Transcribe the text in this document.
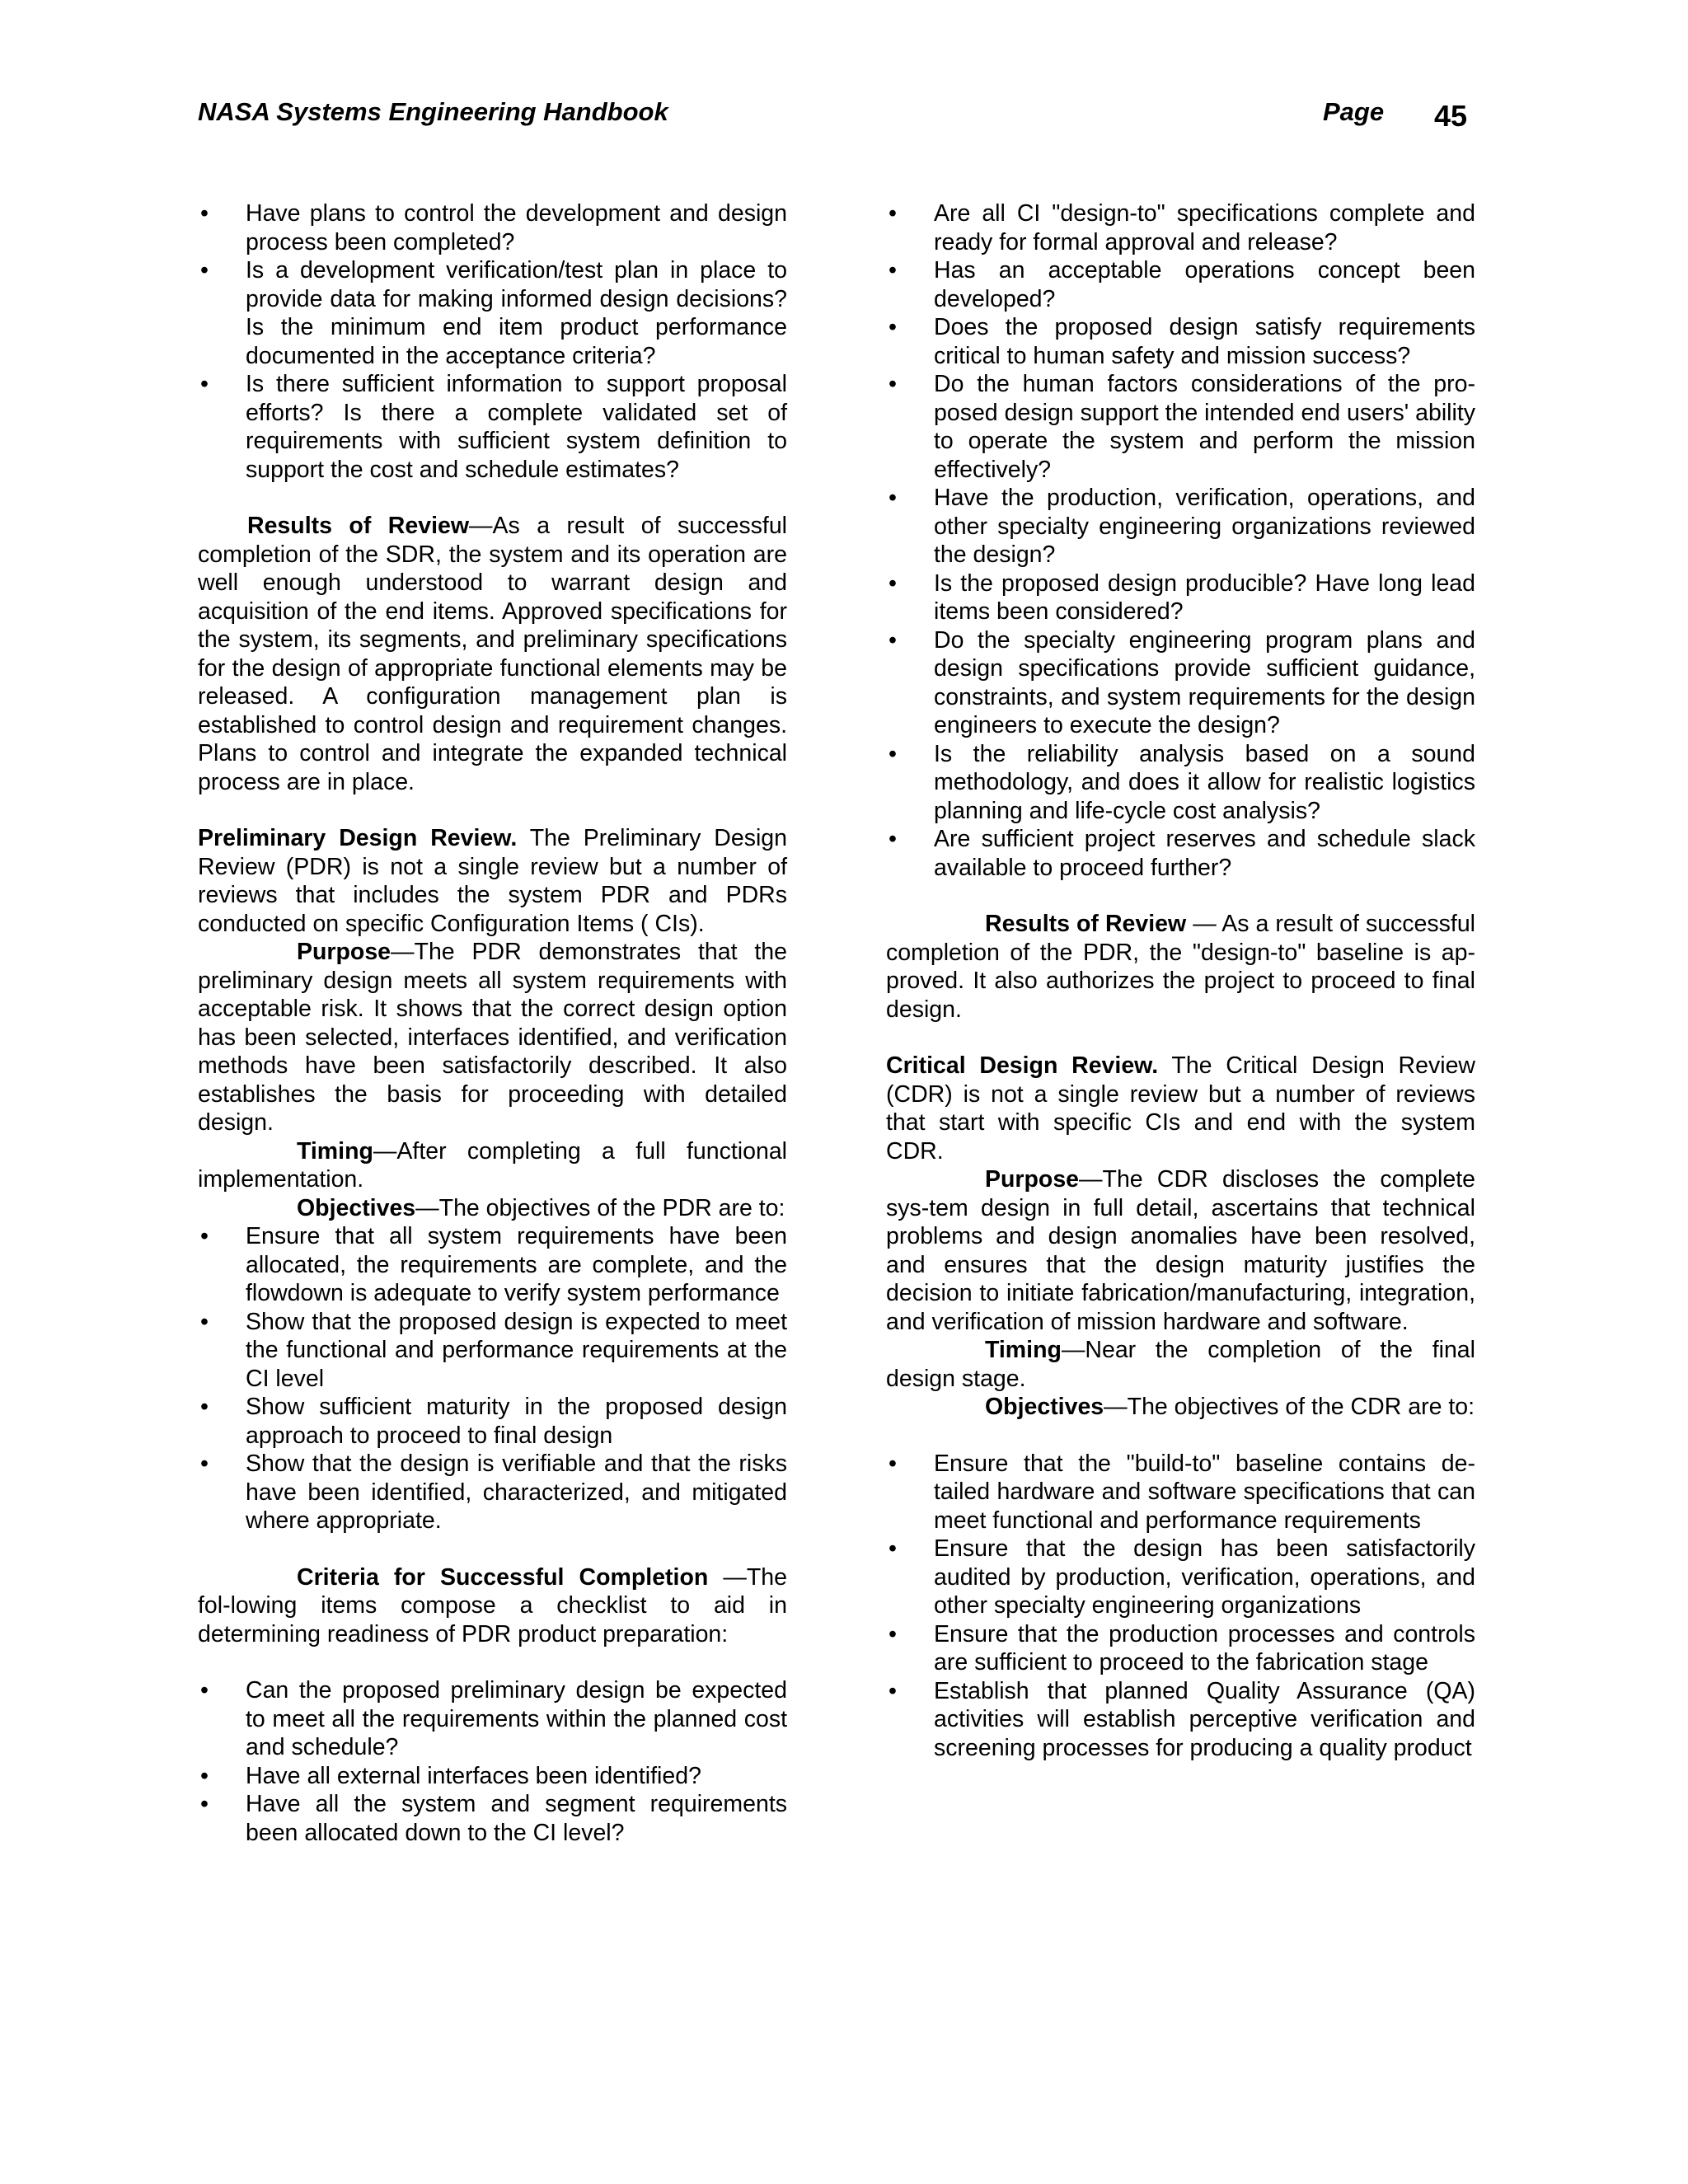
NASA Systems Engineering Handbook	Page 45
• Have plans to control the development and design process been completed?
• Is a development verification/test plan in place to provide data for making informed design decisions? Is the minimum end item product performance documented in the acceptance criteria?
• Is there sufficient information to support proposal efforts? Is there a complete validated set of requirements with sufficient system definition to support the cost and schedule estimates?

Results of Review—As a result of successful completion of the SDR, the system and its operation are well enough understood to warrant design and acquisition of the end items. Approved specifications for the system, its segments, and preliminary specifications for the design of appropriate functional elements may be released. A configuration management plan is established to control design and requirement changes. Plans to control and integrate the expanded technical process are in place.

Preliminary Design Review. The Preliminary Design Review (PDR) is not a single review but a number of reviews that includes the system PDR and PDRs conducted on specific Configuration Items ( CIs).

Purpose—The PDR demonstrates that the preliminary design meets all system requirements with acceptable risk. It shows that the correct design option has been selected, interfaces identified, and verification methods have been satisfactorily described. It also establishes the basis for proceeding with detailed design.

Timing—After completing a full functional implementation.

Objectives—The objectives of the PDR are to:

• Ensure that all system requirements have been allocated, the requirements are complete, and the flowdown is adequate to verify system performance
• Show that the proposed design is expected to meet the functional and performance requirements at the CI level
• Show sufficient maturity in the proposed design approach to proceed to final design
• Show that the design is verifiable and that the risks have been identified, characterized, and mitigated where appropriate.

Criteria for Successful Completion —The fol-lowing items compose a checklist to aid in determining readiness of PDR product preparation:

• Can the proposed preliminary design be expected to meet all the requirements within the planned cost and schedule?
• Have all external interfaces been identified?
• Have all the system and segment requirements been allocated down to the CI level?
• Are all CI "design-to" specifications complete and ready for formal approval and release?
• Has an acceptable operations concept been developed?
• Does the proposed design satisfy requirements critical to human safety and mission success?
• Do the human factors considerations of the pro-posed design support the intended end users' ability to operate the system and perform the mission effectively?
• Have the production, verification, operations, and other specialty engineering organizations reviewed the design?
• Is the proposed design producible? Have long lead items been considered?
• Do the specialty engineering program plans and design specifications provide sufficient guidance, constraints, and system requirements for the design engineers to execute the design?
• Is the reliability analysis based on a sound methodology, and does it allow for realistic logistics planning and life-cycle cost analysis?
• Are sufficient project reserves and schedule slack available to proceed further?

Results of Review — As a result of successful completion of the PDR, the "design-to" baseline is ap-proved. It also authorizes the project to proceed to final design.

Critical Design Review. The Critical Design Review (CDR) is not a single review but a number of reviews that start with specific CIs and end with the system CDR.

Purpose—The CDR discloses the complete sys-tem design in full detail, ascertains that technical problems and design anomalies have been resolved, and ensures that the design maturity justifies the decision to initiate fabrication/manufacturing, integration, and verification of mission hardware and software.

Timing—Near the completion of the final design stage.

Objectives—The objectives of the CDR are to:

• Ensure that the "build-to" baseline contains de-tailed hardware and software specifications that can meet functional and performance requirements
• Ensure that the design has been satisfactorily audited by production, verification, operations, and other specialty engineering organizations
• Ensure that the production processes and controls are sufficient to proceed to the fabrication stage
• Establish that planned Quality Assurance (QA) activities will establish perceptive verification and screening processes for producing a quality product
